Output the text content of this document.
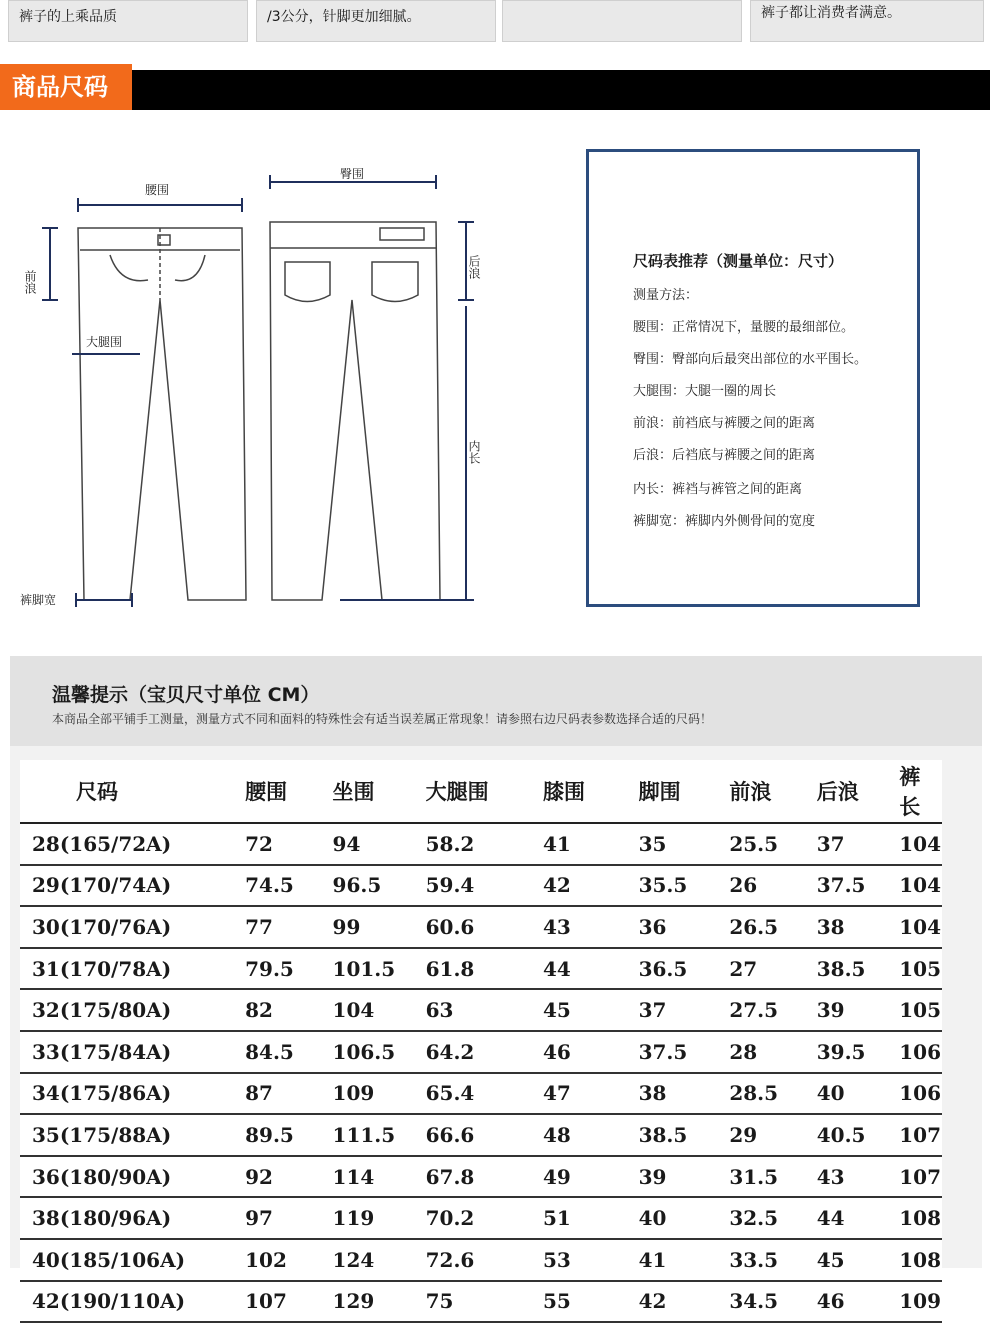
裤子的上乘品质	/3公分，针脚更加细腻。	裤子都让消费者满意。
商品尺码
腰围
臀围
前浪
大腿围
后浪
内长
裤脚宽
尺码表推荐（测量单位：尺寸）
测量方法：
腰围：正常情况下，量腰的最细部位。
臀围：臀部向后最突出部位的水平围长。
大腿围：大腿一圈的周长
前浪：前裆底与裤腰之间的距离
后浪：后裆底与裤腰之间的距离
内长：裤裆与裤管之间的距离
裤脚宽：裤脚内外侧骨间的宽度
温馨提示（宝贝尺寸单位 CM）
本商品全部平铺手工测量，测量方式不同和面料的特殊性会有适当误差属正常现象！请参照右边尺码表参数选择合适的尺码！
尺码	腰围	坐围	大腿围	膝围	脚围	前浪	后浪	裤长
28(165/72A)	72	94	58.2	41	35	25.5	37	104
29(170/74A)	74.5	96.5	59.4	42	35.5	26	37.5	104
30(170/76A)	77	99	60.6	43	36	26.5	38	104
31(170/78A)	79.5	101.5	61.8	44	36.5	27	38.5	105
32(175/80A)	82	104	63	45	37	27.5	39	105
33(175/84A)	84.5	106.5	64.2	46	37.5	28	39.5	106
34(175/86A)	87	109	65.4	47	38	28.5	40	106
35(175/88A)	89.5	111.5	66.6	48	38.5	29	40.5	107
36(180/90A)	92	114	67.8	49	39	31.5	43	107
38(180/96A)	97	119	70.2	51	40	32.5	44	108
40(185/106A)	102	124	72.6	53	41	33.5	45	108
42(190/110A)	107	129	75	55	42	34.5	46	109
